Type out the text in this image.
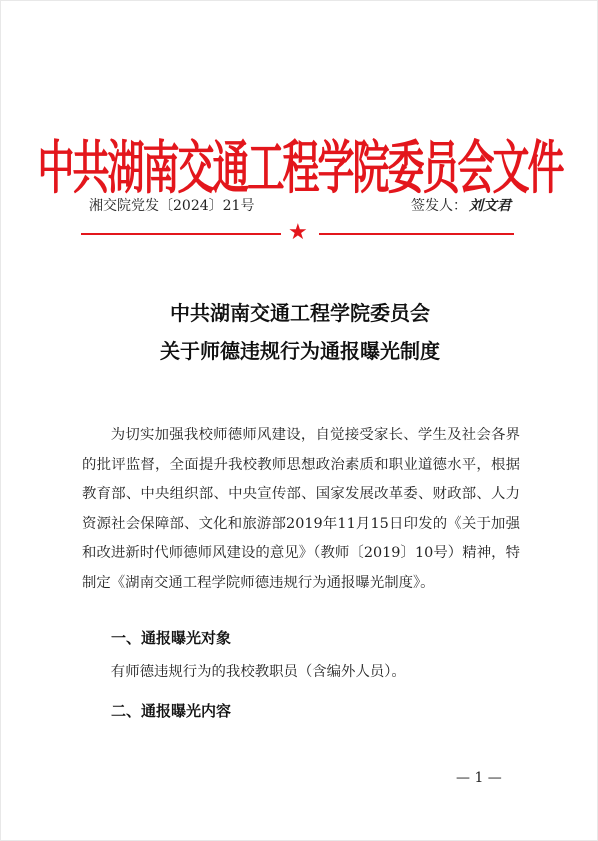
中共湖南交通工程学院委员会文件
湘交院党发〔2024〕21号	签发人： 刘文君
★
中共湖南交通工程学院委员会
关于师德违规行为通报曝光制度
为切实加强我校师德师风建设，自觉接受家长、学生及社会各界的批评监督，全面提升我校教师思想政治素质和职业道德水平，根据教育部、中央组织部、中央宣传部、国家发展改革委、财政部、人力资源社会保障部、文化和旅游部2019年11月15日印发的《关于加强和改进新时代师德师风建设的意见》（教师〔2019〕10号）精神，特制定《湖南交通工程学院师德违规行为通报曝光制度》。
一、通报曝光对象
有师德违规行为的我校教职员（含编外人员）。
二、通报曝光内容
— 1 —
